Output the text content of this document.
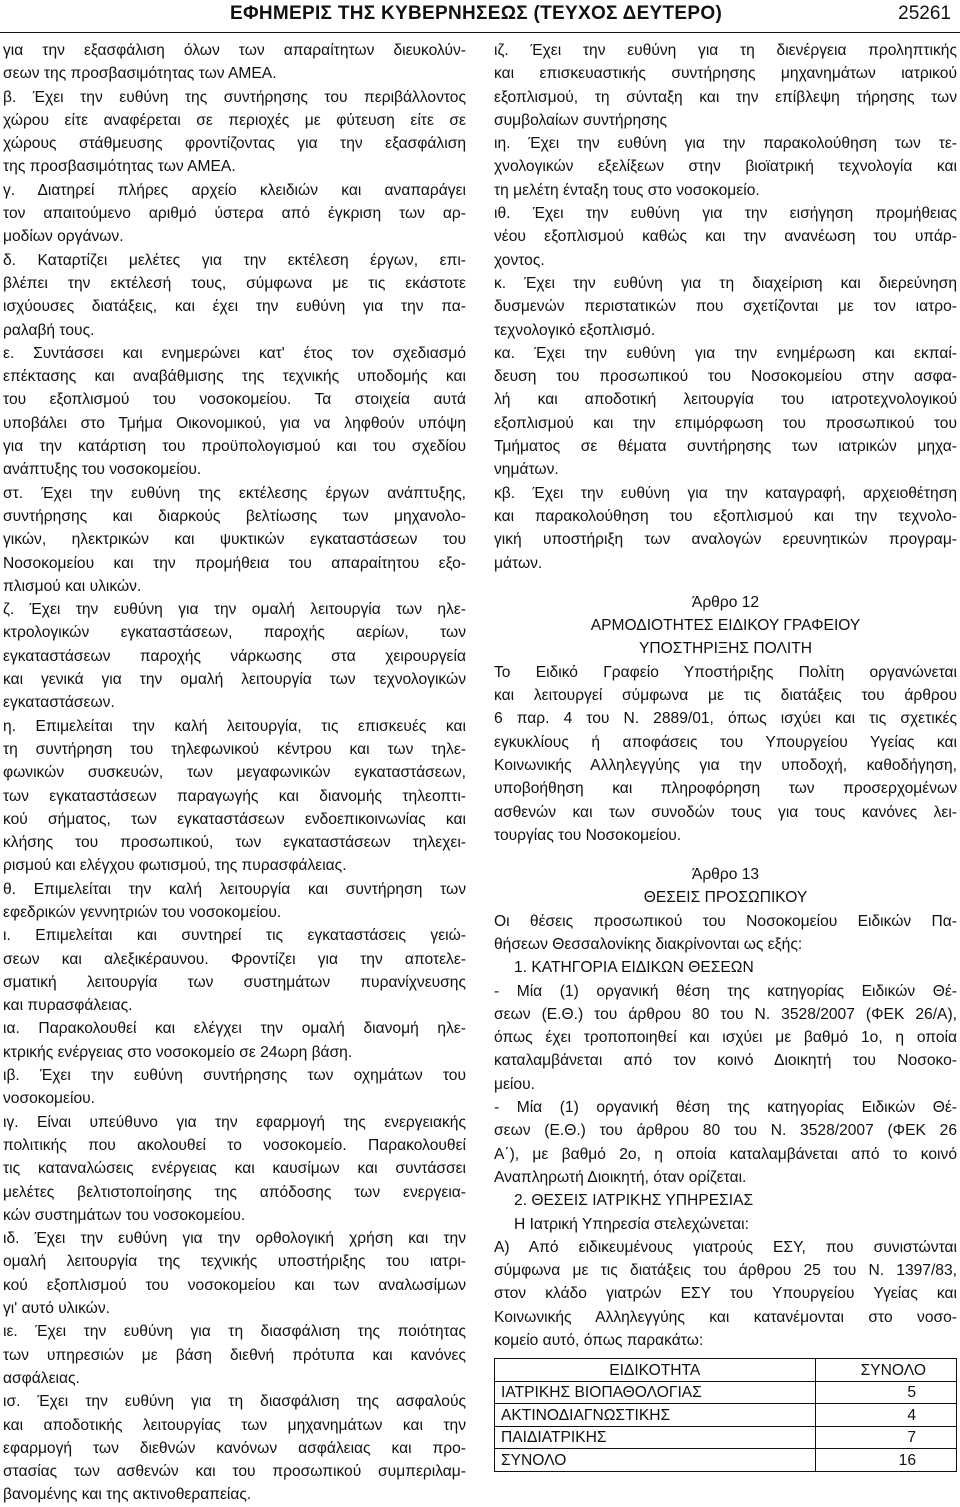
ΕΦΗΜΕΡΙΣ ΤΗΣ ΚΥΒΕΡΝΗΣΕΩΣ (ΤΕΥΧΟΣ ΔΕΥΤΕΡΟ)	25261
για την εξασφάλιση όλων των απαραίτητων διευκολύν-
σεων της προσβασιμότητας των ΑΜΕΑ.
β. Έχει την ευθύνη της συντήρησης του περιβάλλοντος
χώρου είτε αναφέρεται σε περιοχές με φύτευση είτε σε
χώρους στάθμευσης φροντίζοντας για την εξασφάλιση
της προσβασιμότητας των ΑΜΕΑ.
γ. Διατηρεί πλήρες αρχείο κλειδιών και αναπαράγει
τον απαιτούμενο αριθμό ύστερα από έγκριση των αρ-
μοδίων οργάνων.
δ. Καταρτίζει μελέτες για την εκτέλεση έργων, επι-
βλέπει την εκτέλεσή τους, σύμφωνα με τις εκάστοτε
ισχύουσες διατάξεις, και έχει την ευθύνη για την πα-
ραλαβή τους.
ε. Συντάσσει και ενημερώνει κατ' έτος τον σχεδιασμό
επέκτασης και αναβάθμισης της τεχνικής υποδομής και
του εξοπλισμού του νοσοκομείου. Τα στοιχεία αυτά
υποβάλει στο Τμήμα Οικονομικού, για να ληφθούν υπόψη
για την κατάρτιση του προϋπολογισμού και του σχεδίου
ανάπτυξης του νοσοκομείου.
στ. Έχει την ευθύνη της εκτέλεσης έργων ανάπτυξης,
συντήρησης και διαρκούς βελτίωσης των μηχανολο-
γικών, ηλεκτρικών και ψυκτικών εγκαταστάσεων του
Νοσοκομείου και την προμήθεια του απαραίτητου εξο-
πλισμού και υλικών.
ζ. Έχει την ευθύνη για την ομαλή λειτουργία των ηλε-
κτρολογικών εγκαταστάσεων, παροχής αερίων, των
εγκαταστάσεων παροχής νάρκωσης στα χειρουργεία
και γενικά για την ομαλή λειτουργία των τεχνολογικών
εγκαταστάσεων.
η. Επιμελείται την καλή λειτουργία, τις επισκευές και
τη συντήρηση του τηλεφωνικού κέντρου και των τηλε-
φωνικών συσκευών, των μεγαφωνικών εγκαταστάσεων,
των εγκαταστάσεων παραγωγής και διανομής τηλεοπτι-
κού σήματος, των εγκαταστάσεων ενδοεπικοινωνίας και
κλήσης του προσωπικού, των εγκαταστάσεων τηλεχει-
ρισμού και ελέγχου φωτισμού, της πυρασφάλειας.
θ. Επιμελείται την καλή λειτουργία και συντήρηση των
εφεδρικών γεννητριών του νοσοκομείου.
ι. Επιμελείται και συντηρεί τις εγκαταστάσεις γειώ-
σεων και αλεξικέραυνου. Φροντίζει για την αποτελε-
σματική λειτουργία των συστημάτων πυρανίχνευσης
και πυρασφάλειας.
ια. Παρακολουθεί και ελέγχει την ομαλή διανομή ηλε-
κτρικής ενέργειας στο νοσοκομείο σε 24ωρη βάση.
ιβ. Έχει την ευθύνη συντήρησης των οχημάτων του
νοσοκομείου.
ιγ. Είναι υπεύθυνο για την εφαρμογή της ενεργειακής
πολιτικής που ακολουθεί το νοσοκομείο. Παρακολουθεί
τις καταναλώσεις ενέργειας και καυσίμων και συντάσσει
μελέτες βελτιστοποίησης της απόδοσης των ενεργεια-
κών συστημάτων του νοσοκομείου.
ιδ. Έχει την ευθύνη για την ορθολογική χρήση και την
ομαλή λειτουργία της τεχνικής υποστήριξης του ιατρι-
κού εξοπλισμού του νοσοκομείου και των αναλωσίμων
γι' αυτό υλικών.
ιε. Έχει την ευθύνη για τη διασφάλιση της ποιότητας
των υπηρεσιών με βάση διεθνή πρότυπα και κανόνες
ασφάλειας.
ισ. Έχει την ευθύνη για τη διασφάλιση της ασφαλούς
και αποδοτικής λειτουργίας των μηχανημάτων και την
εφαρμογή των διεθνών κανόνων ασφάλειας και προ-
στασίας των ασθενών και του προσωπικού συμπεριλαμ-
βανομένης και της ακτινοθεραπείας.
ιζ. Έχει την ευθύνη για τη διενέργεια προληπτικής
και επισκευαστικής συντήρησης μηχανημάτων ιατρικού
εξοπλισμού, τη σύνταξη και την επίβλεψη τήρησης των
συμβολαίων συντήρησης
ιη. Έχει την ευθύνη για την παρακολούθηση των τε-
χνολογικών εξελίξεων στην βιοϊατρική τεχνολογία και
τη μελέτη ένταξη τους στο νοσοκομείο.
ιθ. Έχει την ευθύνη για την εισήγηση προμήθειας
νέου εξοπλισμού καθώς και την ανανέωση του υπάρ-
χοντος.
κ. Έχει την ευθύνη για τη διαχείριση και διερεύνηση
δυσμενών περιστατικών που σχετίζονται με τον ιατρο-
τεχνολογικό εξοπλισμό.
κα. Έχει την ευθύνη για την ενημέρωση και εκπαί-
δευση του προσωπικού του Νοσοκομείου στην ασφα-
λή και αποδοτική λειτουργία του ιατροτεχνολογικού
εξοπλισμού και την επιμόρφωση του προσωπικού του
Τμήματος σε θέματα συντήρησης των ιατρικών μηχα-
νημάτων.
κβ. Έχει την ευθύνη για την καταγραφή, αρχειοθέτηση
και παρακολούθηση του εξοπλισμού και την τεχνολο-
γική υποστήριξη των αναλογών ερευνητικών προγραμ-
μάτων.
Άρθρο 12
ΑΡΜΟΔΙΟΤΗΤΕΣ ΕΙΔΙΚΟΥ ΓΡΑΦΕΙΟΥ
ΥΠΟΣΤΗΡΙΞΗΣ ΠΟΛΙΤΗ
Το Ειδικό Γραφείο Υποστήριξης Πολίτη οργανώνεται
και λειτουργεί σύμφωνα με τις διατάξεις του άρθρου
6 παρ. 4 του Ν. 2889/01, όπως ισχύει και τις σχετικές
εγκυκλίους ή αποφάσεις του Υπουργείου Υγείας και
Κοινωνικής Αλληλεγγύης για την υποδοχή, καθοδήγηση,
υποβοήθηση και πληροφόρηση των προσερχομένων
ασθενών και των συνοδών τους για τους κανόνες λει-
τουργίας του Νοσοκομείου.
Άρθρο 13
ΘΕΣΕΙΣ ΠΡΟΣΩΠΙΚΟΥ
Οι θέσεις προσωπικού του Νοσοκομείου Ειδικών Πα-
θήσεων Θεσσαλονίκης διακρίνονται ως εξής:
1. ΚΑΤΗΓΟΡΙΑ ΕΙΔΙΚΩΝ ΘΕΣΕΩΝ
- Μία (1) οργανική θέση της κατηγορίας Ειδικών Θέ-
σεων (Ε.Θ.) του άρθρου 80 του Ν. 3528/2007 (ΦΕΚ 26/Α),
όπως έχει τροποποιηθεί και ισχύει με βαθμό 1ο, η οποία
καταλαμβάνεται από τον κοινό Διοικητή του Νοσοκο-
μείου.
- Μία (1) οργανική θέση της κατηγορίας Ειδικών Θέ-
σεων (Ε.Θ.) του άρθρου 80 του Ν. 3528/2007 (ΦΕΚ 26
Α΄), με βαθμό 2ο, η οποία καταλαμβάνεται από το κοινό
Αναπληρωτή Διοικητή, όταν ορίζεται.
2. ΘΕΣΕΙΣ ΙΑΤΡΙΚΗΣ ΥΠΗΡΕΣΙΑΣ
Η Ιατρική Υπηρεσία στελεχώνεται:
Α) Από ειδικευμένους γιατρούς ΕΣΥ, που συνιστώνται
σύμφωνα με τις διατάξεις του άρθρου 25 του Ν. 1397/83,
στον κλάδο γιατρών ΕΣΥ του Υπουργείου Υγείας και
Κοινωνικής Αλληλεγγύης και κατανέμονται στο νοσο-
κομείο αυτό, όπως παρακάτω:
ΕΙΔΙΚΟΤΗΤΑ	ΣΥΝΟΛΟ
ΙΑΤΡΙΚΗΣ ΒΙΟΠΑΘΟΛΟΓΙΑΣ	5
ΑΚΤΙΝΟΔΙΑΓΝΩΣΤΙΚΗΣ	4
ΠΑΙΔΙΑΤΡΙΚΗΣ	7
ΣΥΝΟΛΟ	16
